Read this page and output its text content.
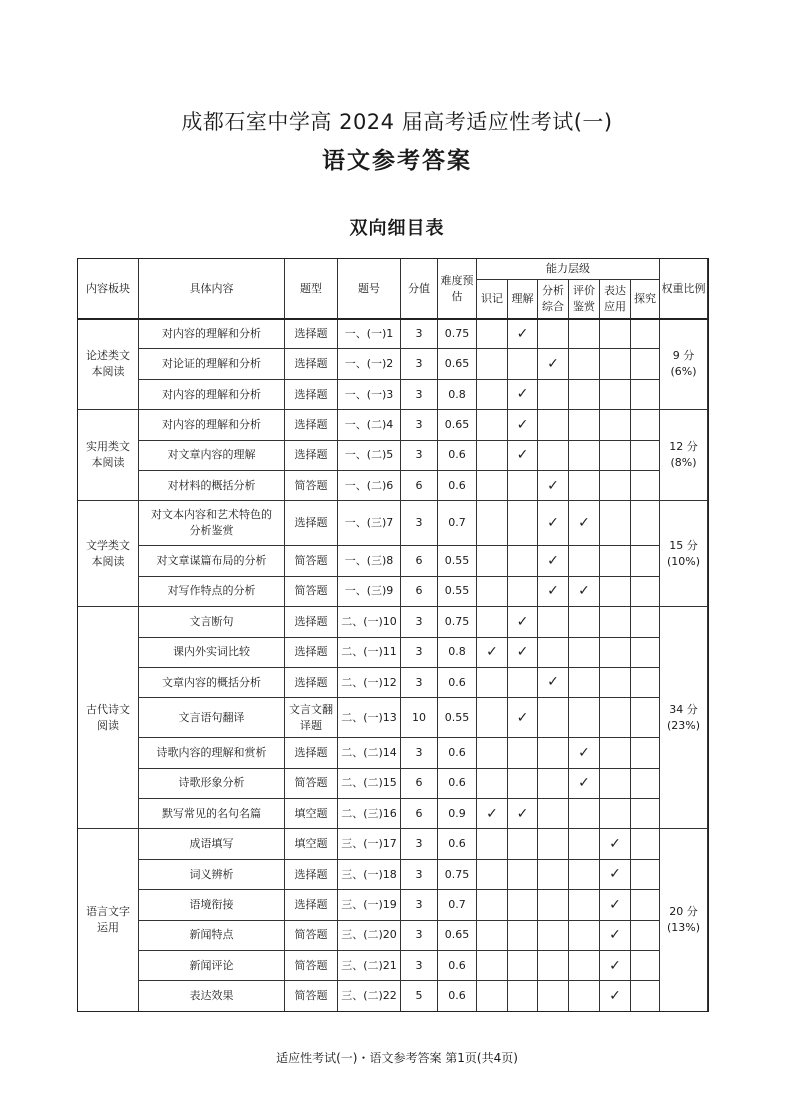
成都石室中学高 2024 届高考适应性考试(一)
语文参考答案
双向细目表
内容板块	具体内容	题型	题号	分值	难度预估	能力层级						权重比例
						识记	理解	分析综合	评价鉴赏	表达应用	探究	
论述类文本阅读	对内容的理解和分析	选择题	一、(一)1	3	0.75		✓					9 分
(6%)
	对论证的理解和分析	选择题	一、(一)2	3	0.65			✓				
	对内容的理解和分析	选择题	一、(一)3	3	0.8		✓					
实用类文本阅读	对内容的理解和分析	选择题	一、(二)4	3	0.65		✓					12 分
(8%)
	对文章内容的理解	选择题	一、(二)5	3	0.6		✓					
	对材料的概括分析	简答题	一、(二)6	6	0.6			✓				
文学类文本阅读	对文本内容和艺术特色的分析鉴赏	选择题	一、(三)7	3	0.7			✓	✓			15 分
(10%)
	对文章谋篇布局的分析	简答题	一、(三)8	6	0.55			✓				
	对写作特点的分析	简答题	一、(三)9	6	0.55			✓	✓			
古代诗文阅读	文言断句	选择题	二、(一)10	3	0.75		✓					34 分
(23%)
	课内外实词比较	选择题	二、(一)11	3	0.8	✓	✓					
	文章内容的概括分析	选择题	二、(一)12	3	0.6			✓				
	文言语句翻译	文言文翻译题	二、(一)13	10	0.55		✓					
	诗歌内容的理解和赏析	选择题	二、(二)14	3	0.6				✓			
	诗歌形象分析	简答题	二、(二)15	6	0.6				✓			
	默写常见的名句名篇	填空题	二、(三)16	6	0.9	✓	✓					
语言文字运用	成语填写	填空题	三、(一)17	3	0.6					✓		20 分
(13%)
	词义辨析	选择题	三、(一)18	3	0.75					✓		
	语境衔接	选择题	三、(一)19	3	0.7					✓		
	新闻特点	简答题	三、(二)20	3	0.65					✓		
	新闻评论	简答题	三、(二)21	3	0.6					✓		
	表达效果	简答题	三、(二)22	5	0.6					✓		
适应性考试(一)・语文参考答案 第1页(共4页)
